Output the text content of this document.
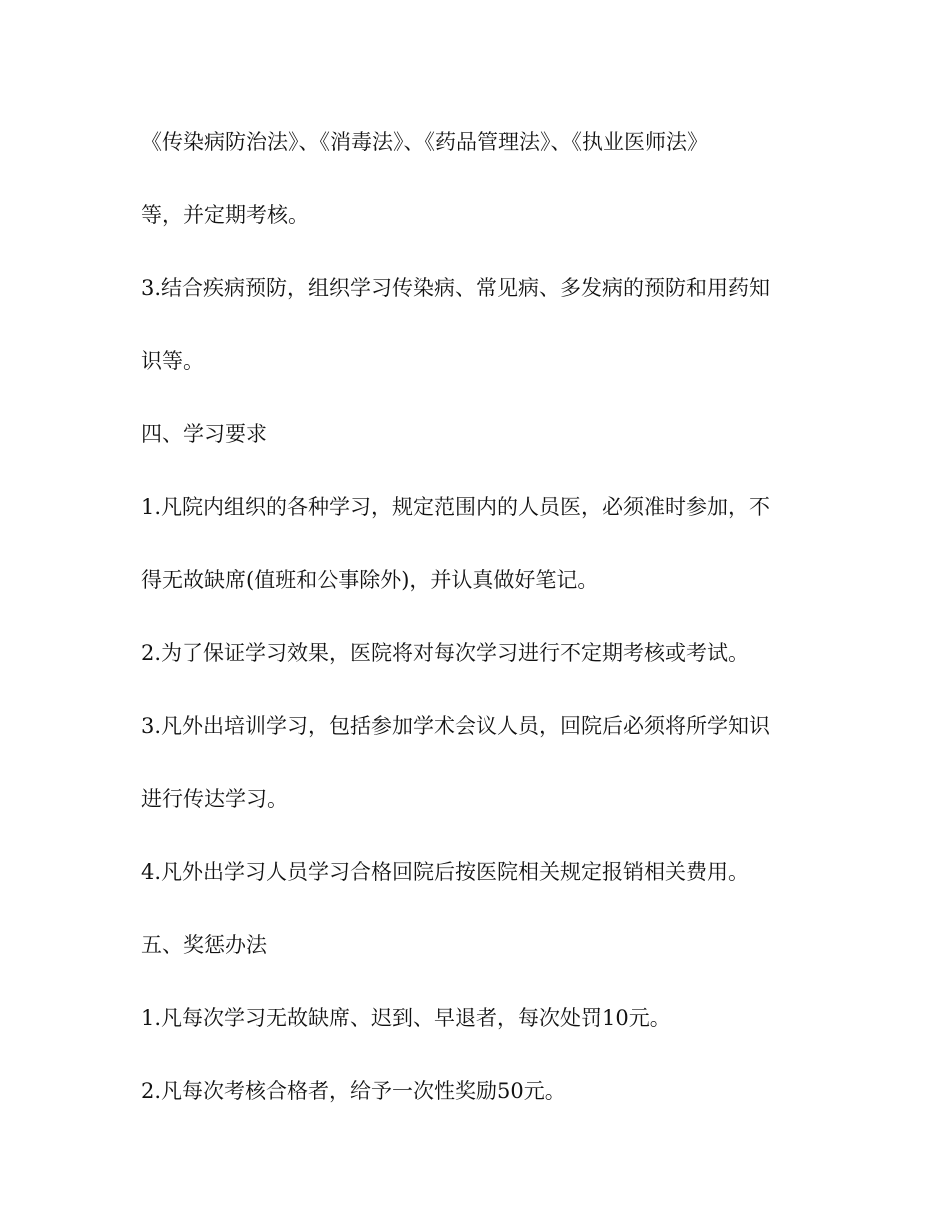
《传染病防治法》、《消毒法》、《药品管理法》、《执业医师法》
等，并定期考核。
3.结合疾病预防，组织学习传染病、常见病、多发病的预防和用药知
识等。
四、学习要求
1.凡院内组织的各种学习，规定范围内的人员医，必须准时参加，不
得无故缺席(值班和公事除外)，并认真做好笔记。
2.为了保证学习效果，医院将对每次学习进行不定期考核或考试。
3.凡外出培训学习，包括参加学术会议人员，回院后必须将所学知识
进行传达学习。
4.凡外出学习人员学习合格回院后按医院相关规定报销相关费用。
五、奖惩办法
1.凡每次学习无故缺席、迟到、早退者，每次处罚10元。
2.凡每次考核合格者，给予一次性奖励50元。
